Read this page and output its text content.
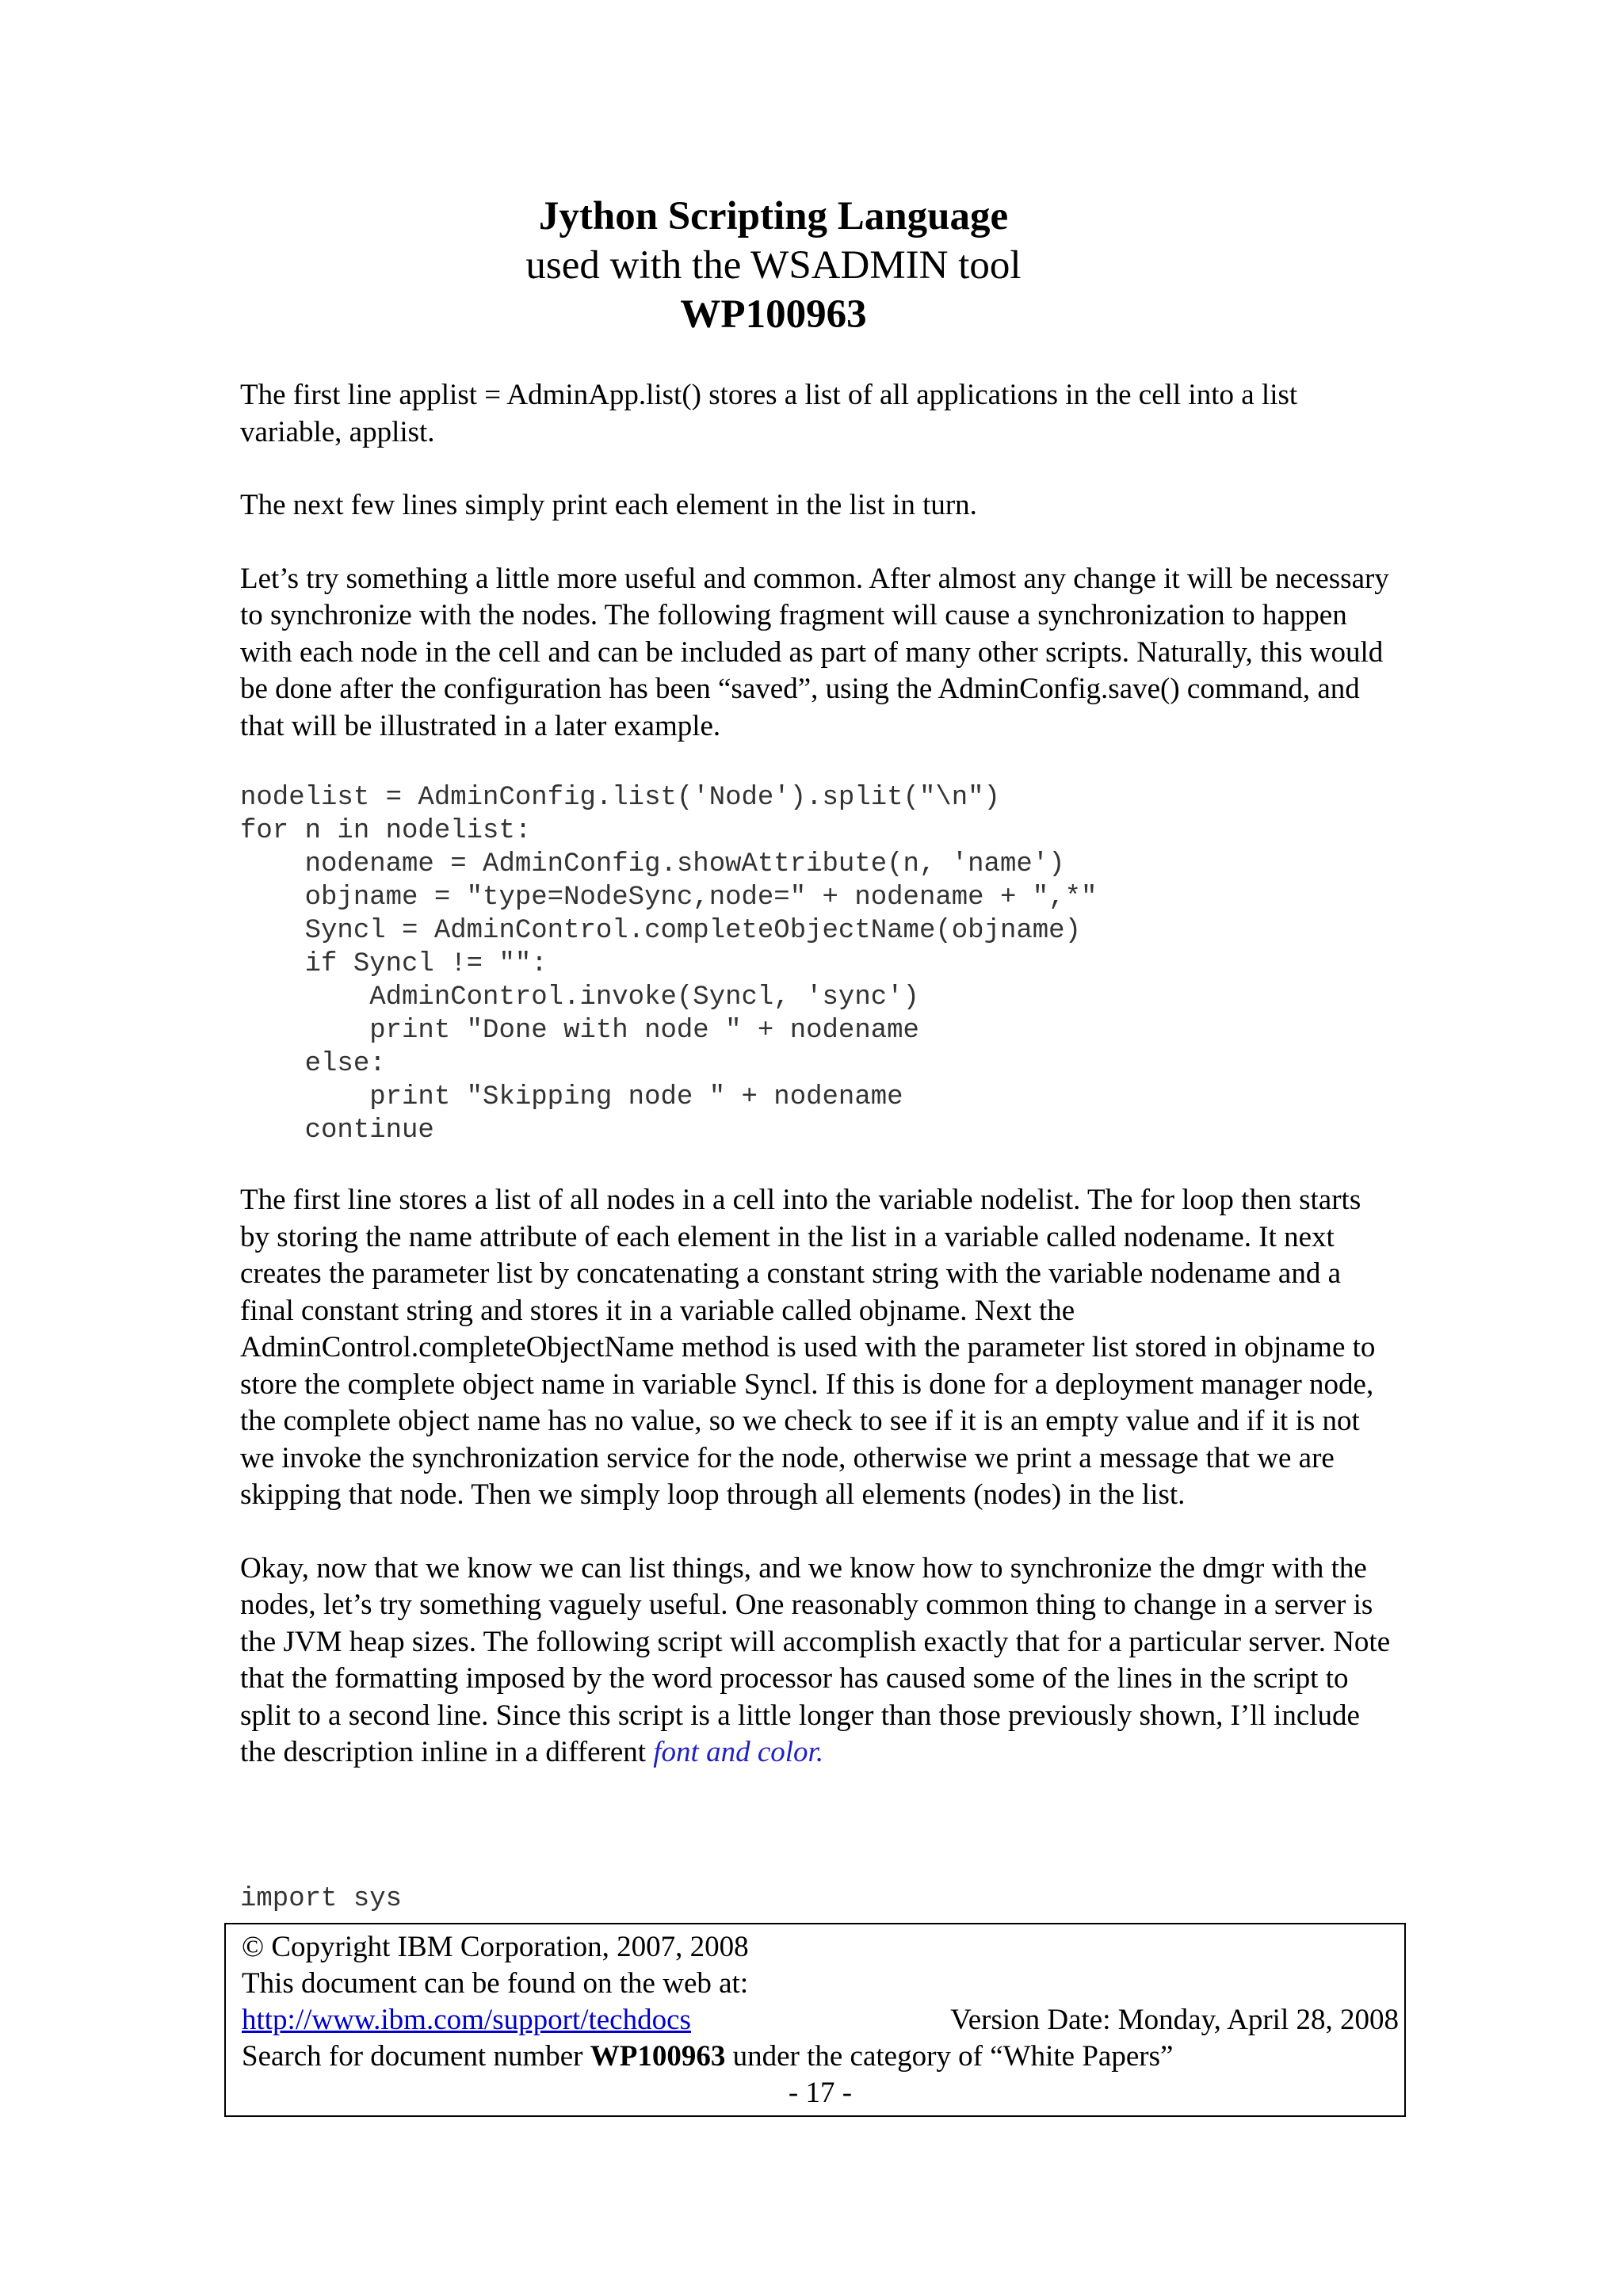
Jython Scripting Language
used with the WSADMIN tool
WP100963

The first line applist = AdminApp.list() stores a list of all applications in the cell into a list variable, applist.

The next few lines simply print each element in the list in turn.

Let’s try something a little more useful and common. After almost any change it will be necessary to synchronize with the nodes. The following fragment will cause a synchronization to happen with each node in the cell and can be included as part of many other scripts. Naturally, this would be done after the configuration has been “saved”, using the AdminConfig.save() command, and that will be illustrated in a later example.

nodelist = AdminConfig.list('Node').split("\n")
for n in nodelist:
nodename = AdminConfig.showAttribute(n, 'name')
objname = "type=NodeSync,node=" + nodename + ",*"
Syncl = AdminControl.completeObjectName(objname)
if Syncl != "":
AdminControl.invoke(Syncl, 'sync')
print "Done with node " + nodename
else:
print "Skipping node " + nodename
continue

The first line stores a list of all nodes in a cell into the variable nodelist. The for loop then starts by storing the name attribute of each element in the list in a variable called nodename. It next creates the parameter list by concatenating a constant string with the variable nodename and a final constant string and stores it in a variable called objname. Next the AdminControl.completeObjectName method is used with the parameter list stored in objname to store the complete object name in variable Syncl. If this is done for a deployment manager node, the complete object name has no value, so we check to see if it is an empty value and if it is not we invoke the synchronization service for the node, otherwise we print a message that we are skipping that node. Then we simply loop through all elements (nodes) in the list.

Okay, now that we know we can list things, and we know how to synchronize the dmgr with the nodes, let’s try something vaguely useful. One reasonably common thing to change in a server is the JVM heap sizes. The following script will accomplish exactly that for a particular server. Note that the formatting imposed by the word processor has caused some of the lines in the script to split to a second line. Since this script is a little longer than those previously shown, I’ll include the description inline in a different font and color.

import sys
© Copyright IBM Corporation, 2007, 2008
This document can be found on the web at:
http://www.ibm.com/support/techdocs	Version Date: Monday, April 28, 2008
Search for document number WP100963 under the category of “White Papers”
- 17 -
